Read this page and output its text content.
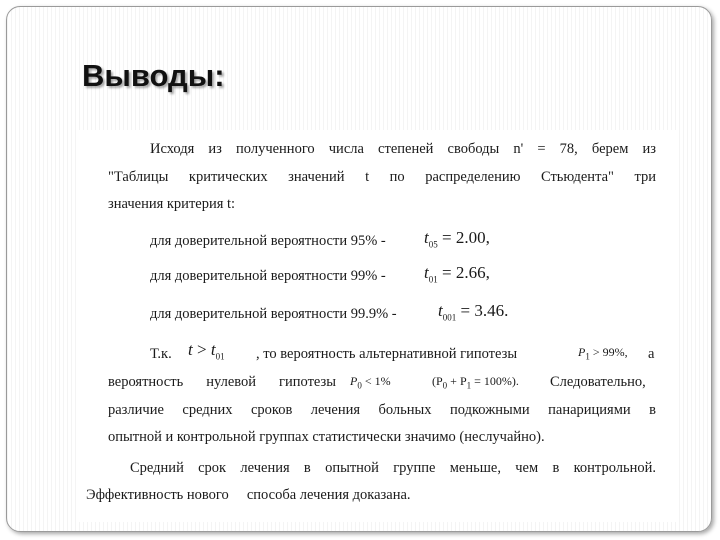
Выводы:
Исходя из полученного числа степеней свободы n' = 78, берем из
"Таблицы критических значений t по распределению Стьюдента" три
значения критерия t:
для доверительной вероятности $95\% - t_{05} = 2.00$,
для доверительной вероятности $99\% - t_{01} = 2.66$,
для доверительной вероятности $99.9\% - t_{001} = 3.46$.
Т.к. $t > t_{01}$ , то вероятность альтернативной гипотезы	$P_1 > 99\%$, а
вероятность нулевой гипотезы $P_0 < 1\%$	$(P_0 + P_1 = 100\%)$. Следовательно,
различие средних сроков лечения больных подкожными панарициями в
опытной и контрольной группах статистически значимо (неслучайно).
Средний срок лечения в опытной группе меньше, чем в контрольной.
Эффективность нового     способа лечения доказана.
